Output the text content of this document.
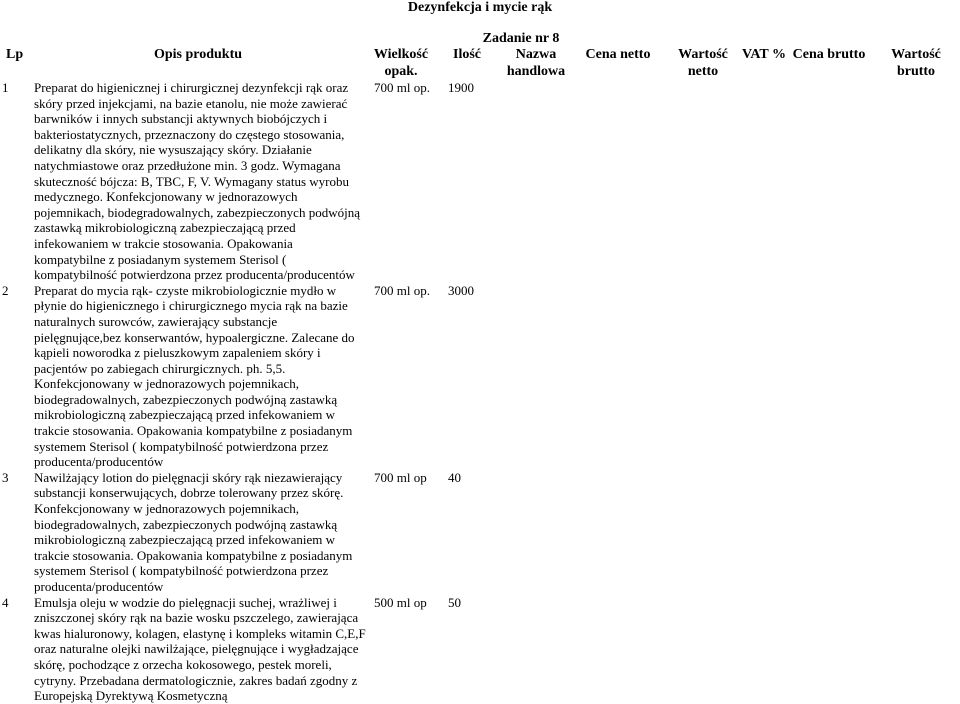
Dezynfekcja i mycie rąk
Zadanie nr 8
Lp	Opis produktu	Wielkość opak.	Ilość	Nazwa handlowa	Cena netto	Wartość netto	VAT %	Cena brutto	Wartość brutto
1	Preparat do higienicznej i chirurgicznej dezynfekcji rąk oraz skóry przed injekcjami, na bazie etanolu, nie może zawierać barwników i innych substancji aktywnych biobójczych i bakteriostatycznych, przeznaczony do częstego stosowania, delikatny dla skóry, nie wysuszający skóry. Działanie natychmiastowe oraz przedłużone min. 3 godz. Wymagana skuteczność bójcza: B, TBC, F, V. Wymagany status wyrobu medycznego. Konfekcjonowany w jednorazowych pojemnikach, biodegradowalnych, zabezpieczonych podwójną zastawką mikrobiologiczną zabezpieczającą przed infekowaniem w trakcie stosowania. Opakowania kompatybilne z posiadanym systemem Sterisol ( kompatybilność potwierdzona przez producenta/producentów	700 ml op.	1900						
2	Preparat do mycia rąk- czyste mikrobiologicznie mydło w płynie do higienicznego i chirurgicznego mycia rąk na bazie naturalnych surowców, zawierający substancje pielęgnujące,bez konserwantów, hypoalergiczne. Zalecane do kąpieli noworodka z pieluszkowym zapaleniem skóry i pacjentów po zabiegach chirurgicznych. ph. 5,5. Konfekcjonowany w jednorazowych pojemnikach, biodegradowalnych, zabezpieczonych podwójną zastawką mikrobiologiczną zabezpieczającą przed infekowaniem w trakcie stosowania. Opakowania kompatybilne z posiadanym systemem Sterisol ( kompatybilność potwierdzona przez producenta/producentów	700 ml op.	3000						
3	Nawilżający lotion do pielęgnacji skóry rąk niezawierający substancji konserwujących, dobrze tolerowany przez skórę. Konfekcjonowany w jednorazowych pojemnikach, biodegradowalnych, zabezpieczonych podwójną zastawką mikrobiologiczną zabezpieczającą przed infekowaniem w trakcie stosowania. Opakowania kompatybilne z posiadanym systemem Sterisol ( kompatybilność potwierdzona przez producenta/producentów	700 ml op	40						
4	Emulsja oleju w wodzie do pielęgnacji suchej, wrażliwej i zniszczonej skóry rąk na bazie wosku pszczelego, zawierająca kwas hialuronowy, kolagen, elastynę i kompleks witamin C,E,F oraz naturalne olejki nawilżające, pielęgnujące i wygładzające skórę, pochodzące z orzecha kokosowego, pestek moreli, cytryny. Przebadana dermatologicznie, zakres badań zgodny z Europejską Dyrektywą Kosmetyczną	500 ml op	50						
